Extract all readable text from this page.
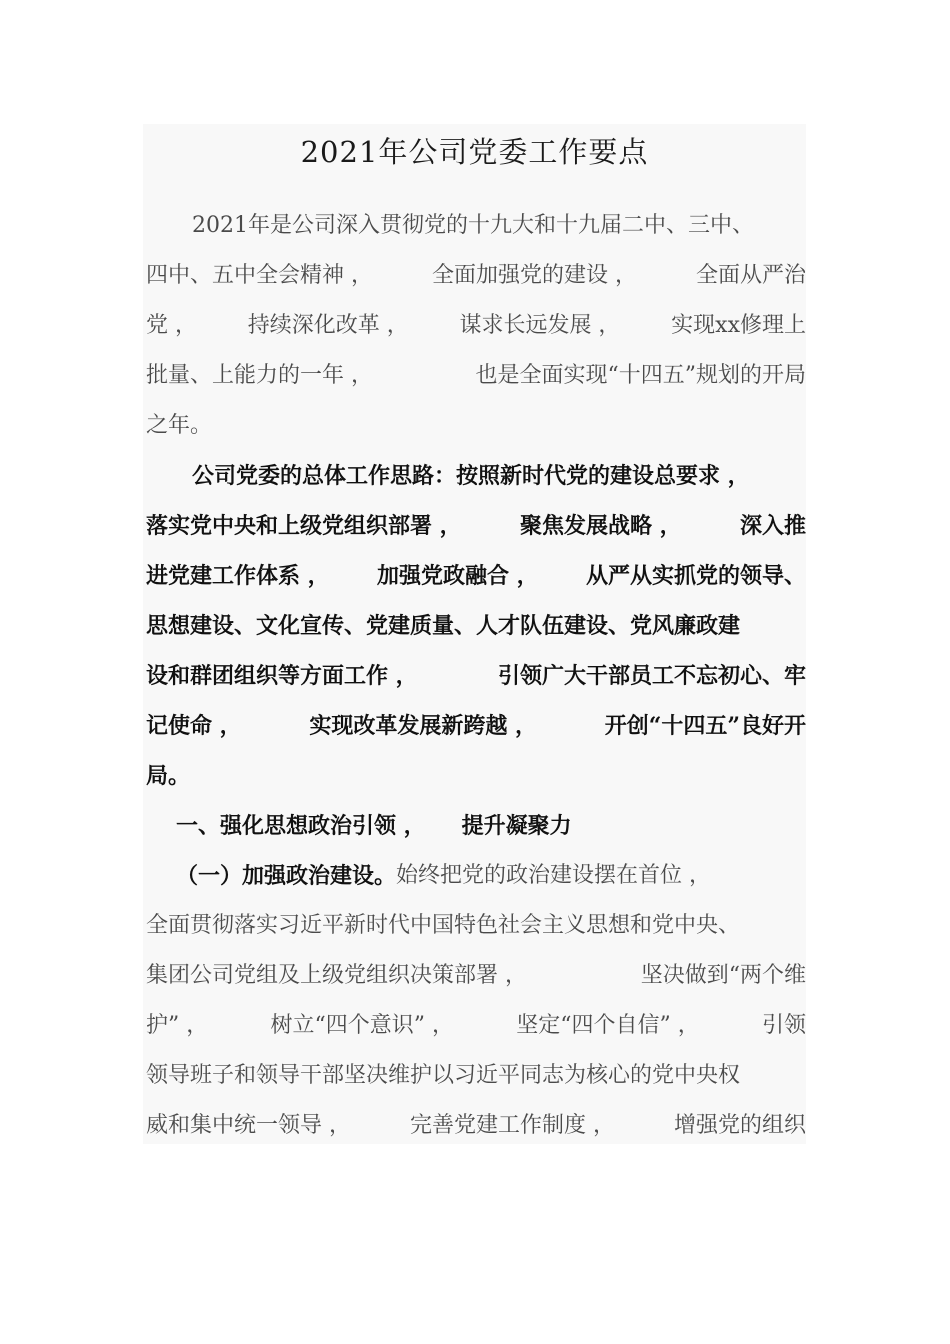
2021年公司党委工作要点
2021年是公司深入贯彻党的十九大和十九届二中、三中、
四中、五中全会精神 ，	全面加强党的建设 ，	全面从严治
党 ， 持续深化改革 ， 谋求长远发展 ， 实现xx修理上
批量、上能力的一年 ，	也是全面实现“十四五”规划的开局
之年。
公司党委的总体工作思路：按照新时代党的建设总要求 ，
落实党中央和上级党组织部署 ，	聚焦发展战略 ，	深入推
进党建工作体系 ， 加强党政融合 ， 从严从实抓党的领导、
思想建设、文化宣传、党建质量、人才队伍建设、党风廉政建
设和群团组织等方面工作 ，	引领广大干部员工不忘初心、牢
记使命 ，	实现改革发展新跨越 ，	开创“十四五”良好开
局。
一、强化思想政治引领 ， 提升凝聚力
（一）加强政治建设。 始终把党的政治建设摆在首位 ，
全面贯彻落实习近平新时代中国特色社会主义思想和党中央、
集团公司党组及上级党组织决策部署 ，	坚决做到“两个维
护” ，	树立“四个意识” ，	坚定“四个自信” ，	引领
领导班子和领导干部坚决维护以习近平同志为核心的党中央权
威和集中统一领导 ，	完善党建工作制度 ，	增强党的组织
